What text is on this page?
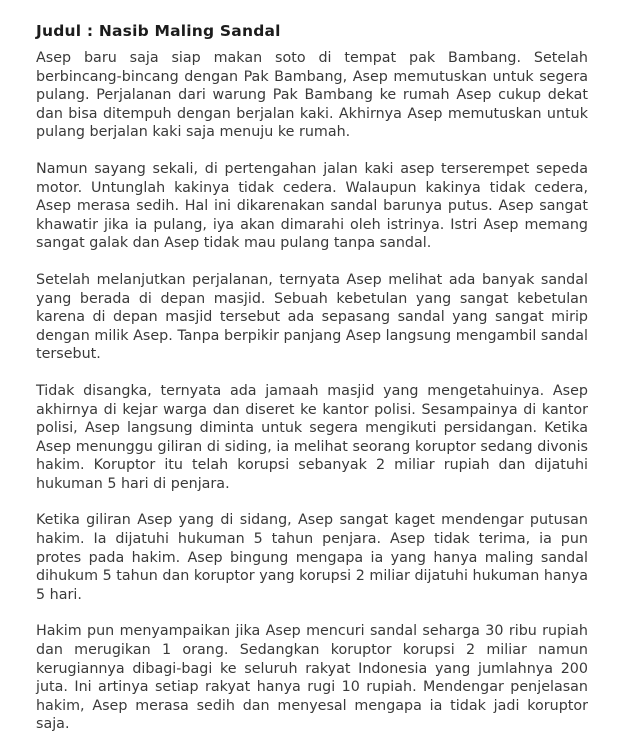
Judul : Nasib Maling Sandal

Asep baru saja siap makan soto di tempat pak Bambang. Setelah berbincang-bincang dengan Pak Bambang, Asep memutuskan untuk segera pulang. Perjalanan dari warung Pak Bambang ke rumah Asep cukup dekat dan bisa ditempuh dengan berjalan kaki. Akhirnya Asep memutuskan untuk pulang berjalan kaki saja menuju ke rumah.

Namun sayang sekali, di pertengahan jalan kaki asep terserempet sepeda motor. Untunglah kakinya tidak cedera. Walaupun kakinya tidak cedera, Asep merasa sedih. Hal ini dikarenakan sandal barunya putus. Asep sangat khawatir jika ia pulang, iya akan dimarahi oleh istrinya. Istri Asep memang sangat galak dan Asep tidak mau pulang tanpa sandal.

Setelah melanjutkan perjalanan, ternyata Asep melihat ada banyak sandal yang berada di depan masjid. Sebuah kebetulan yang sangat kebetulan karena di depan masjid tersebut ada sepasang sandal yang sangat mirip dengan milik Asep. Tanpa berpikir panjang Asep langsung mengambil sandal tersebut.

Tidak disangka, ternyata ada jamaah masjid yang mengetahuinya. Asep akhirnya di kejar warga dan diseret ke kantor polisi. Sesampainya di kantor polisi, Asep langsung diminta untuk segera mengikuti persidangan. Ketika Asep menunggu giliran di siding, ia melihat seorang koruptor sedang divonis hakim. Koruptor itu telah korupsi sebanyak 2 miliar rupiah dan dijatuhi hukuman 5 hari di penjara.

Ketika giliran Asep yang di sidang, Asep sangat kaget mendengar putusan hakim. Ia dijatuhi hukuman 5 tahun penjara. Asep tidak terima, ia pun protes pada hakim. Asep bingung mengapa ia yang hanya maling sandal dihukum 5 tahun dan koruptor yang korupsi 2 miliar dijatuhi hukuman hanya 5 hari.

Hakim pun menyampaikan jika Asep mencuri sandal seharga 30 ribu rupiah dan merugikan 1 orang. Sedangkan koruptor korupsi 2 miliar namun kerugiannya dibagi-bagi ke seluruh rakyat Indonesia yang jumlahnya 200 juta. Ini artinya setiap rakyat hanya rugi 10 rupiah. Mendengar penjelasan hakim, Asep merasa sedih dan menyesal mengapa ia tidak jadi koruptor saja.
